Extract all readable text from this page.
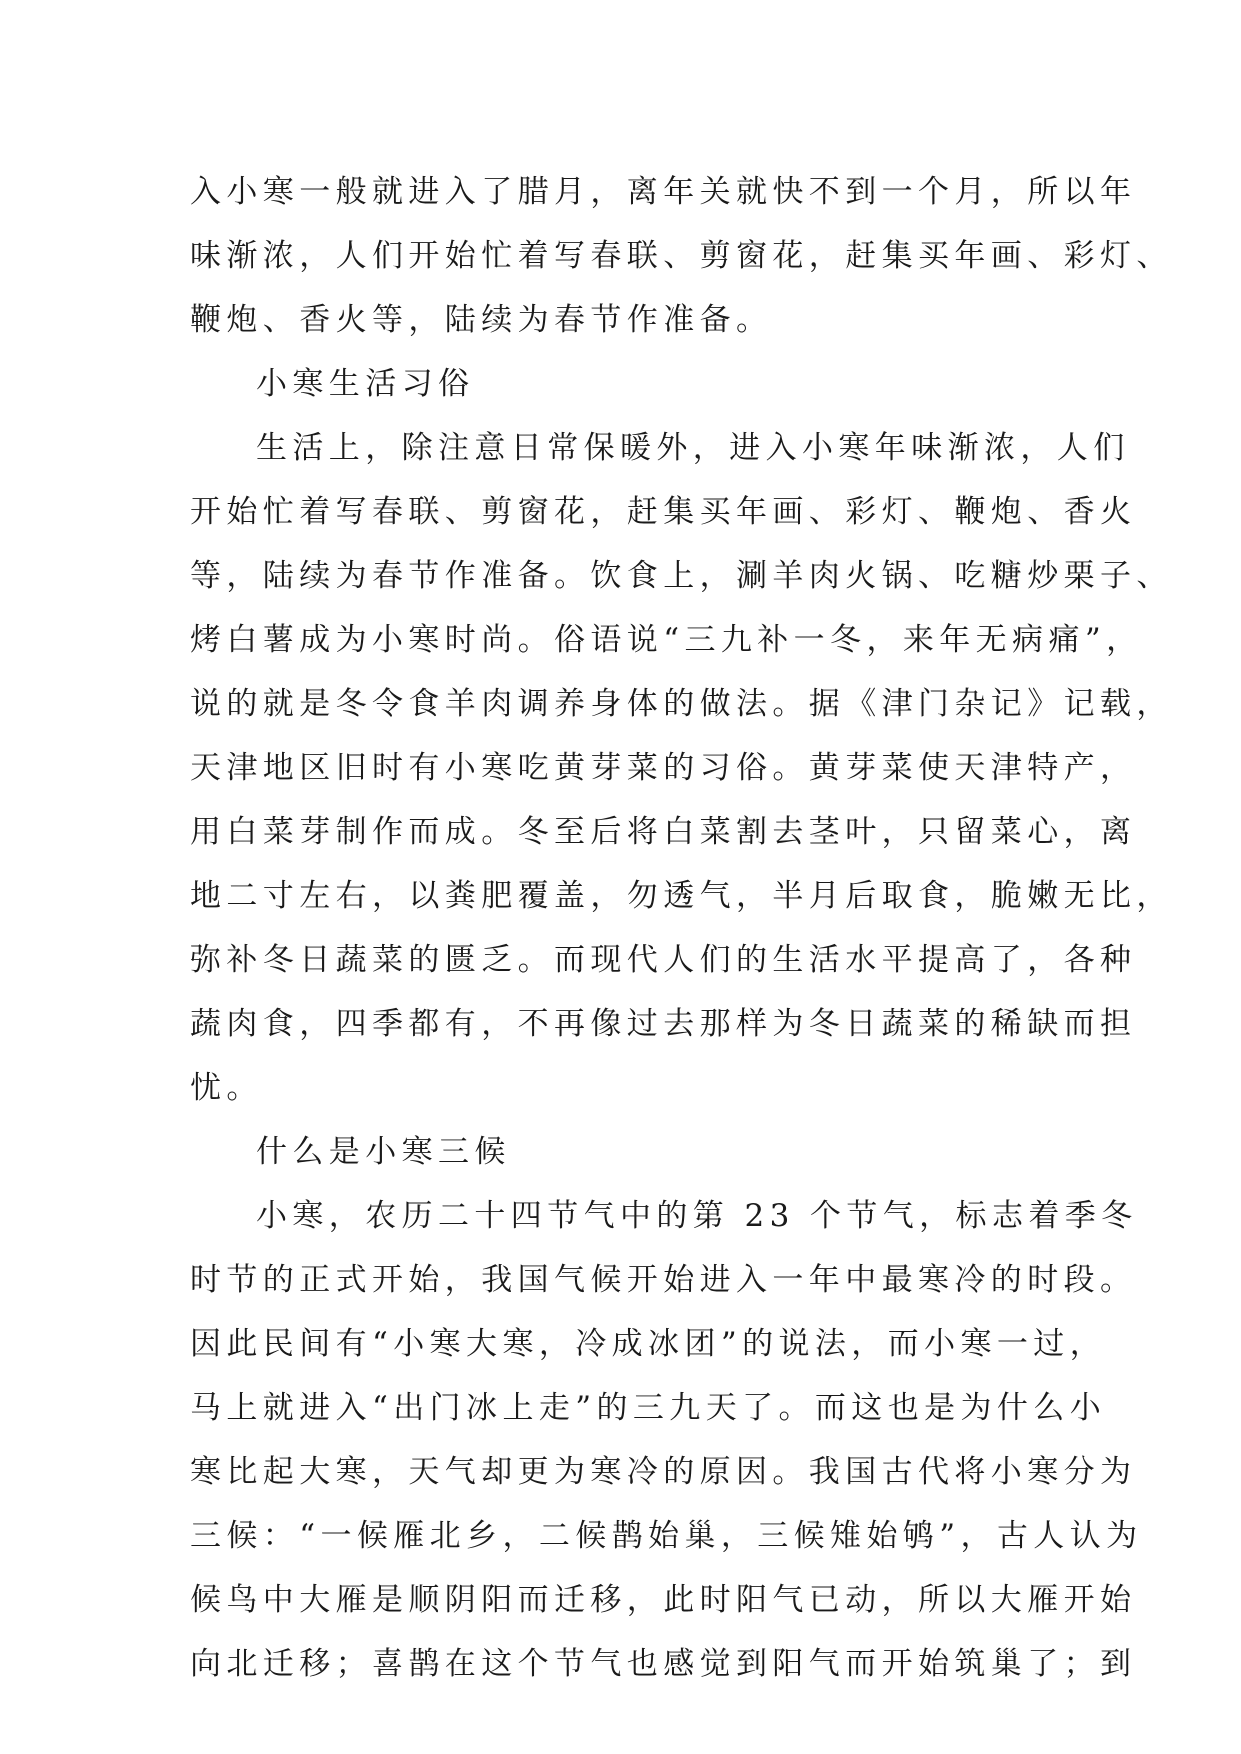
入小寒一般就进入了腊月，离年关就快不到一个月，所以年
味渐浓，人们开始忙着写春联、剪窗花，赶集买年画、彩灯、
鞭炮、香火等，陆续为春节作准备。
小寒生活习俗
生活上，除注意日常保暖外，进入小寒年味渐浓，人们
开始忙着写春联、剪窗花，赶集买年画、彩灯、鞭炮、香火
等，陆续为春节作准备。饮食上，涮羊肉火锅、吃糖炒栗子、
烤白薯成为小寒时尚。俗语说“三九补一冬，来年无病痛”，
说的就是冬令食羊肉调养身体的做法。据《津门杂记》记载，
天津地区旧时有小寒吃黄芽菜的习俗。黄芽菜使天津特产，
用白菜芽制作而成。冬至后将白菜割去茎叶，只留菜心，离
地二寸左右，以粪肥覆盖，勿透气，半月后取食，脆嫩无比，
弥补冬日蔬菜的匮乏。而现代人们的生活水平提高了，各种
蔬肉食，四季都有，不再像过去那样为冬日蔬菜的稀缺而担
忧。
什么是小寒三候
小寒，农历二十四节气中的第 23 个节气，标志着季冬
时节的正式开始，我国气候开始进入一年中最寒冷的时段。
因此民间有“小寒大寒，冷成冰团”的说法，而小寒一过，
马上就进入“出门冰上走”的三九天了。而这也是为什么小
寒比起大寒，天气却更为寒冷的原因。我国古代将小寒分为
三候：“一候雁北乡，二候鹊始巢，三候雉始鸲”，古人认为
候鸟中大雁是顺阴阳而迁移，此时阳气已动，所以大雁开始
向北迁移；喜鹊在这个节气也感觉到阳气而开始筑巢了；到
